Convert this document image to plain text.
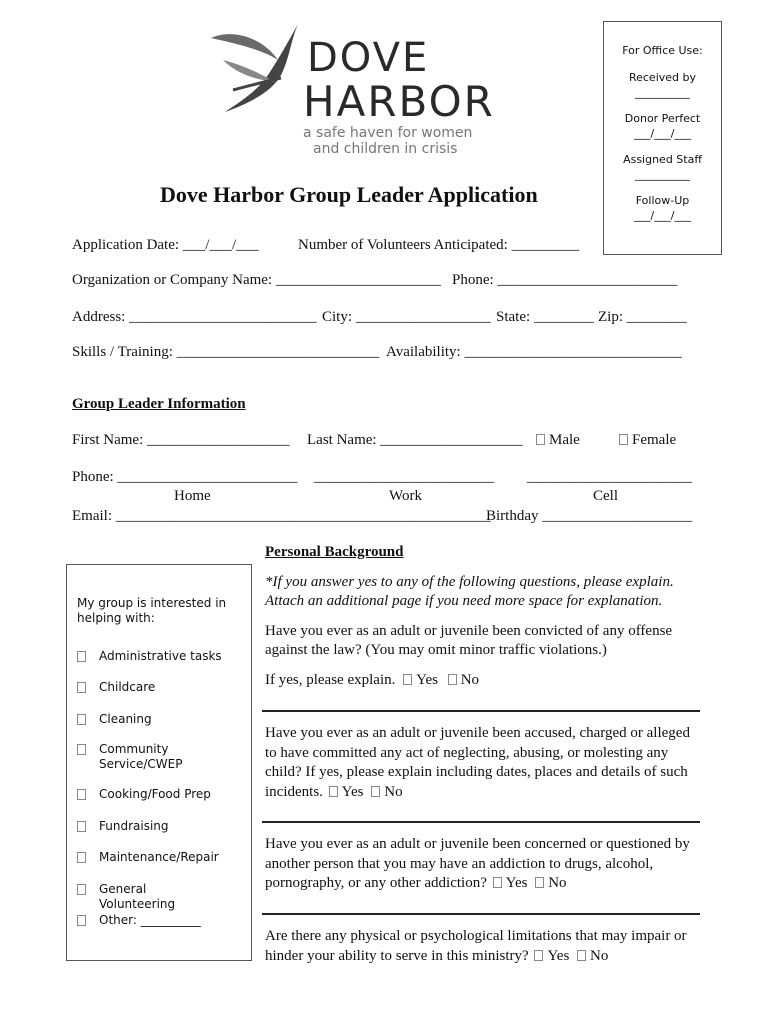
DOVE
HARBOR
a safe haven for women
and children in crisis
Dove Harbor Group Leader Application

For Office Use:

Received by

__________

Donor Perfect

___/___/___

Assigned Staff

__________

Follow-Up

___/___/___

Application Date: ___/___/___	Number of Volunteers Anticipated: _________
Organization or Company Name: ______________________ Phone: ________________________
Address: _________________________ City: __________________ State: ________ Zip: ________
Skills / Training: ___________________________ Availability: _____________________________
Group Leader Information
First Name: ___________________ Last Name: ___________________	Male	Female
Phone: ________________________ ________________________ ______________________
Home	Work	Cell
Email: __________________________________________________
Birthday ____________________
My group is interested in helping with:
Administrative tasks
Childcare
Cleaning
Community Service/CWEP
Cooking/Food Prep
Fundraising
Maintenance/Repair
General Volunteering
Other: __________
Personal Background
*If you answer yes to any of the following questions, please explain. Attach an additional page if you need more space for explanation.
Have you ever as an adult or juvenile been convicted of any offense against the law? (You may omit minor traffic violations.)
If yes, please explain. Yes No
Have you ever as an adult or juvenile been accused, charged or alleged to have committed any act of neglecting, abusing, or molesting any child? If yes, please explain including dates, places and details of such incidents. Yes No
Have you ever as an adult or juvenile been concerned or questioned by another person that you may have an addiction to drugs, alcohol, pornography, or any other addiction? Yes No
Are there any physical or psychological limitations that may impair or hinder your ability to serve in this ministry? Yes No
